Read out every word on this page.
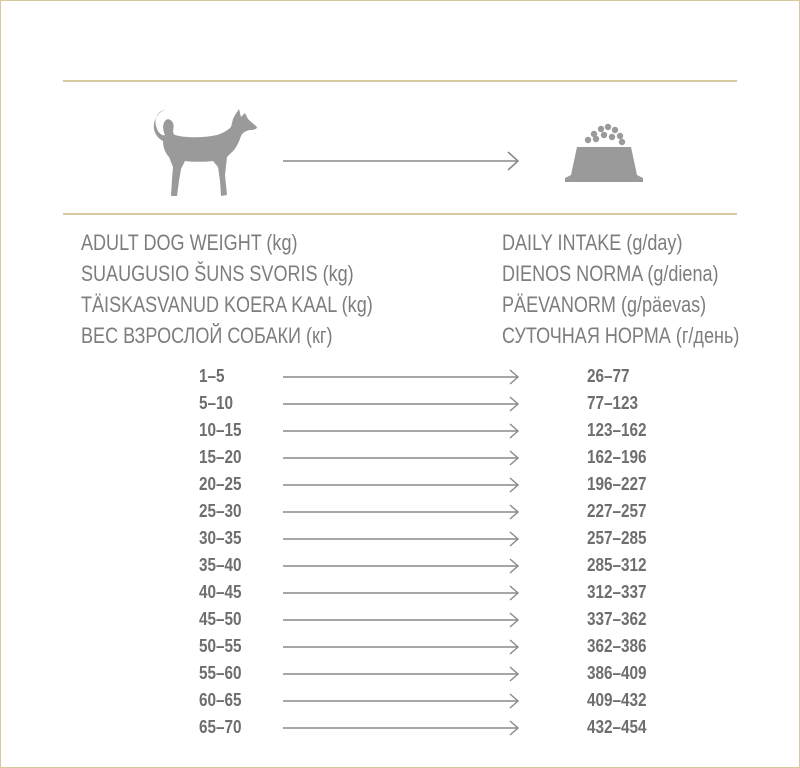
ADULT DOG WEIGHT (kg)
SUAUGUSIO ŠUNS SVORIS (kg)
TÄISKASVANUD KOERA KAAL (kg)
ВЕС ВЗРОСЛОЙ СОБАКИ (кг)
DAILY INTAKE (g/day)
DIENOS NORMA (g/diena)
PÄEVANORM (g/päevas)
СУТОЧНАЯ НОРМА (г/день)
1–5	26–77
5–10	77–123
10–15	123–162
15–20	162–196
20–25	196–227
25–30	227–257
30–35	257–285
35–40	285–312
40–45	312–337
45–50	337–362
50–55	362–386
55–60	386–409
60–65	409–432
65–70	432–454
